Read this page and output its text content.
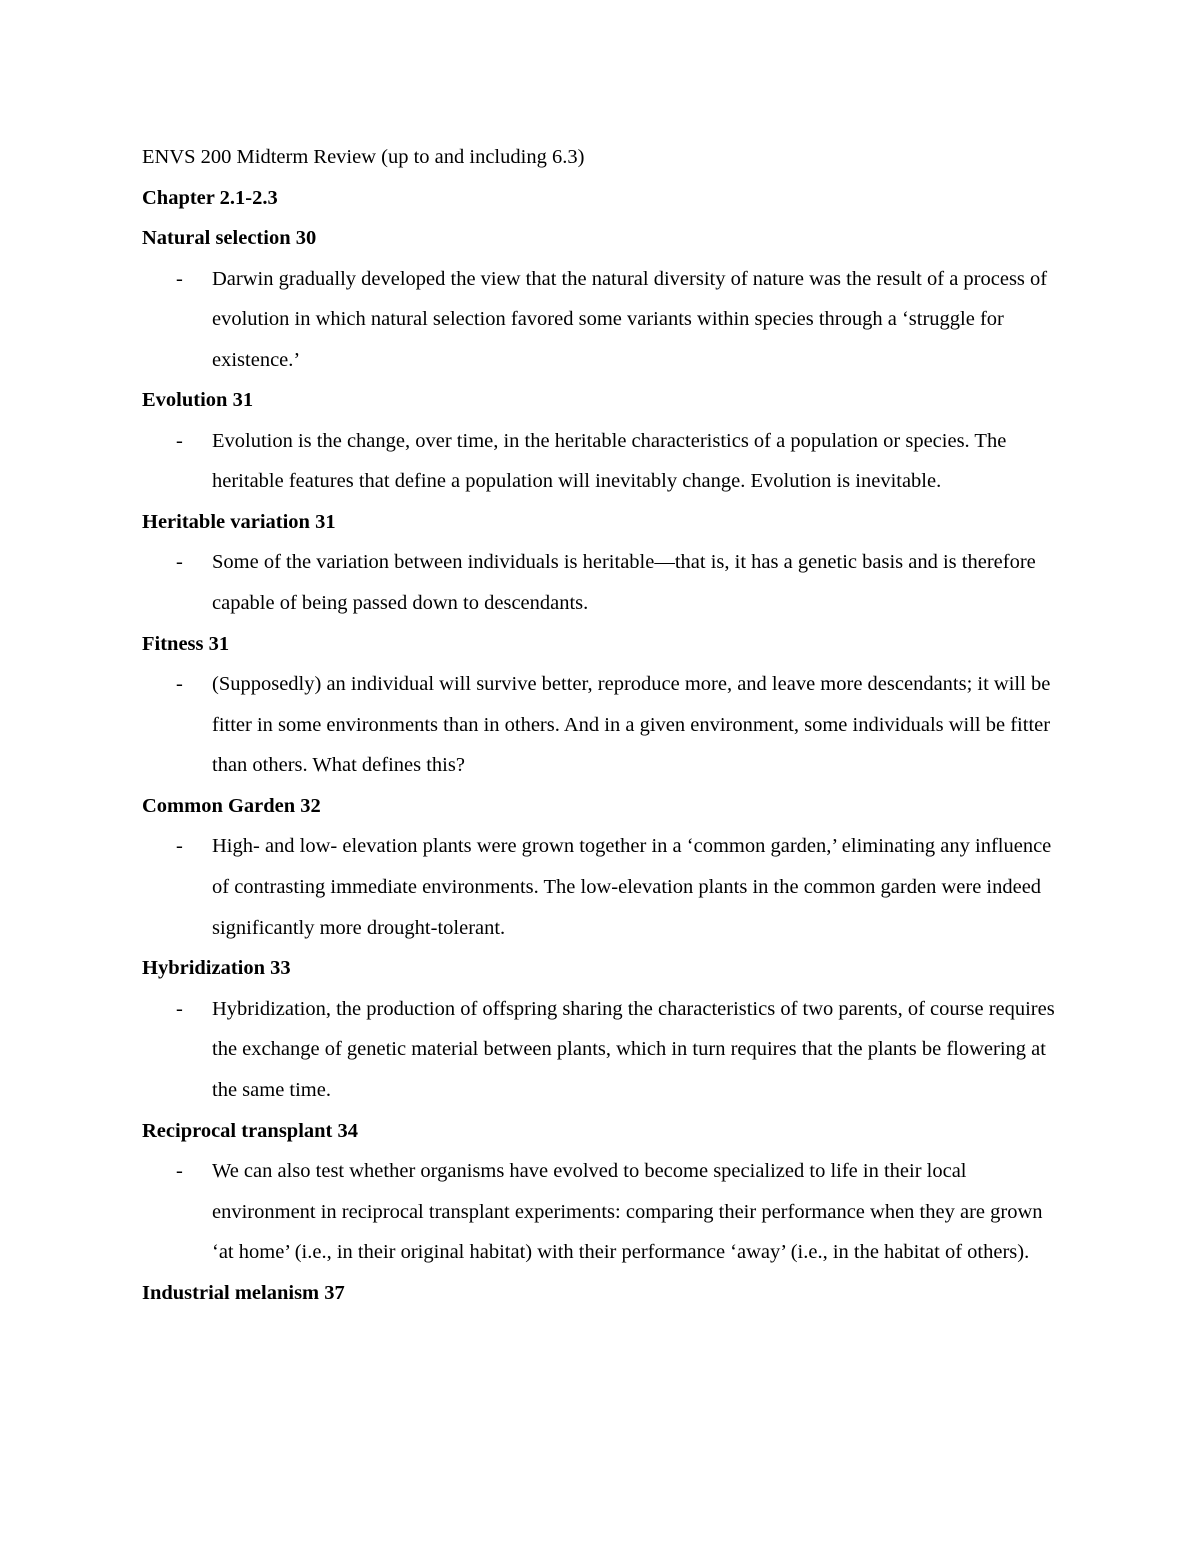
ENVS 200 Midterm Review (up to and including 6.3)
Chapter 2.1-2.3
Natural selection 30
- Darwin gradually developed the view that the natural diversity of nature was the result of a process of evolution in which natural selection favored some variants within species through a ‘struggle for existence.’
Evolution 31
- Evolution is the change, over time, in the heritable characteristics of a population or species. The heritable features that define a population will inevitably change. Evolution is inevitable.
Heritable variation 31
- Some of the variation between individuals is heritable—that is, it has a genetic basis and is therefore capable of being passed down to descendants.
Fitness 31
- (Supposedly) an individual will survive better, reproduce more, and leave more descendants; it will be fitter in some environments than in others. And in a given environment, some individuals will be fitter than others. What defines this?
Common Garden 32
- High- and low- elevation plants were grown together in a ‘common garden,’ eliminating any influence of contrasting immediate environments. The low-elevation plants in the common garden were indeed significantly more drought-tolerant.
Hybridization 33
- Hybridization, the production of offspring sharing the characteristics of two parents, of course requires the exchange of genetic material between plants, which in turn requires that the plants be flowering at the same time.
Reciprocal transplant 34
- We can also test whether organisms have evolved to become specialized to life in their local environment in reciprocal transplant experiments: comparing their performance when they are grown ‘at home’ (i.e., in their original habitat) with their performance ‘away’ (i.e., in the habitat of others).
Industrial melanism 37
